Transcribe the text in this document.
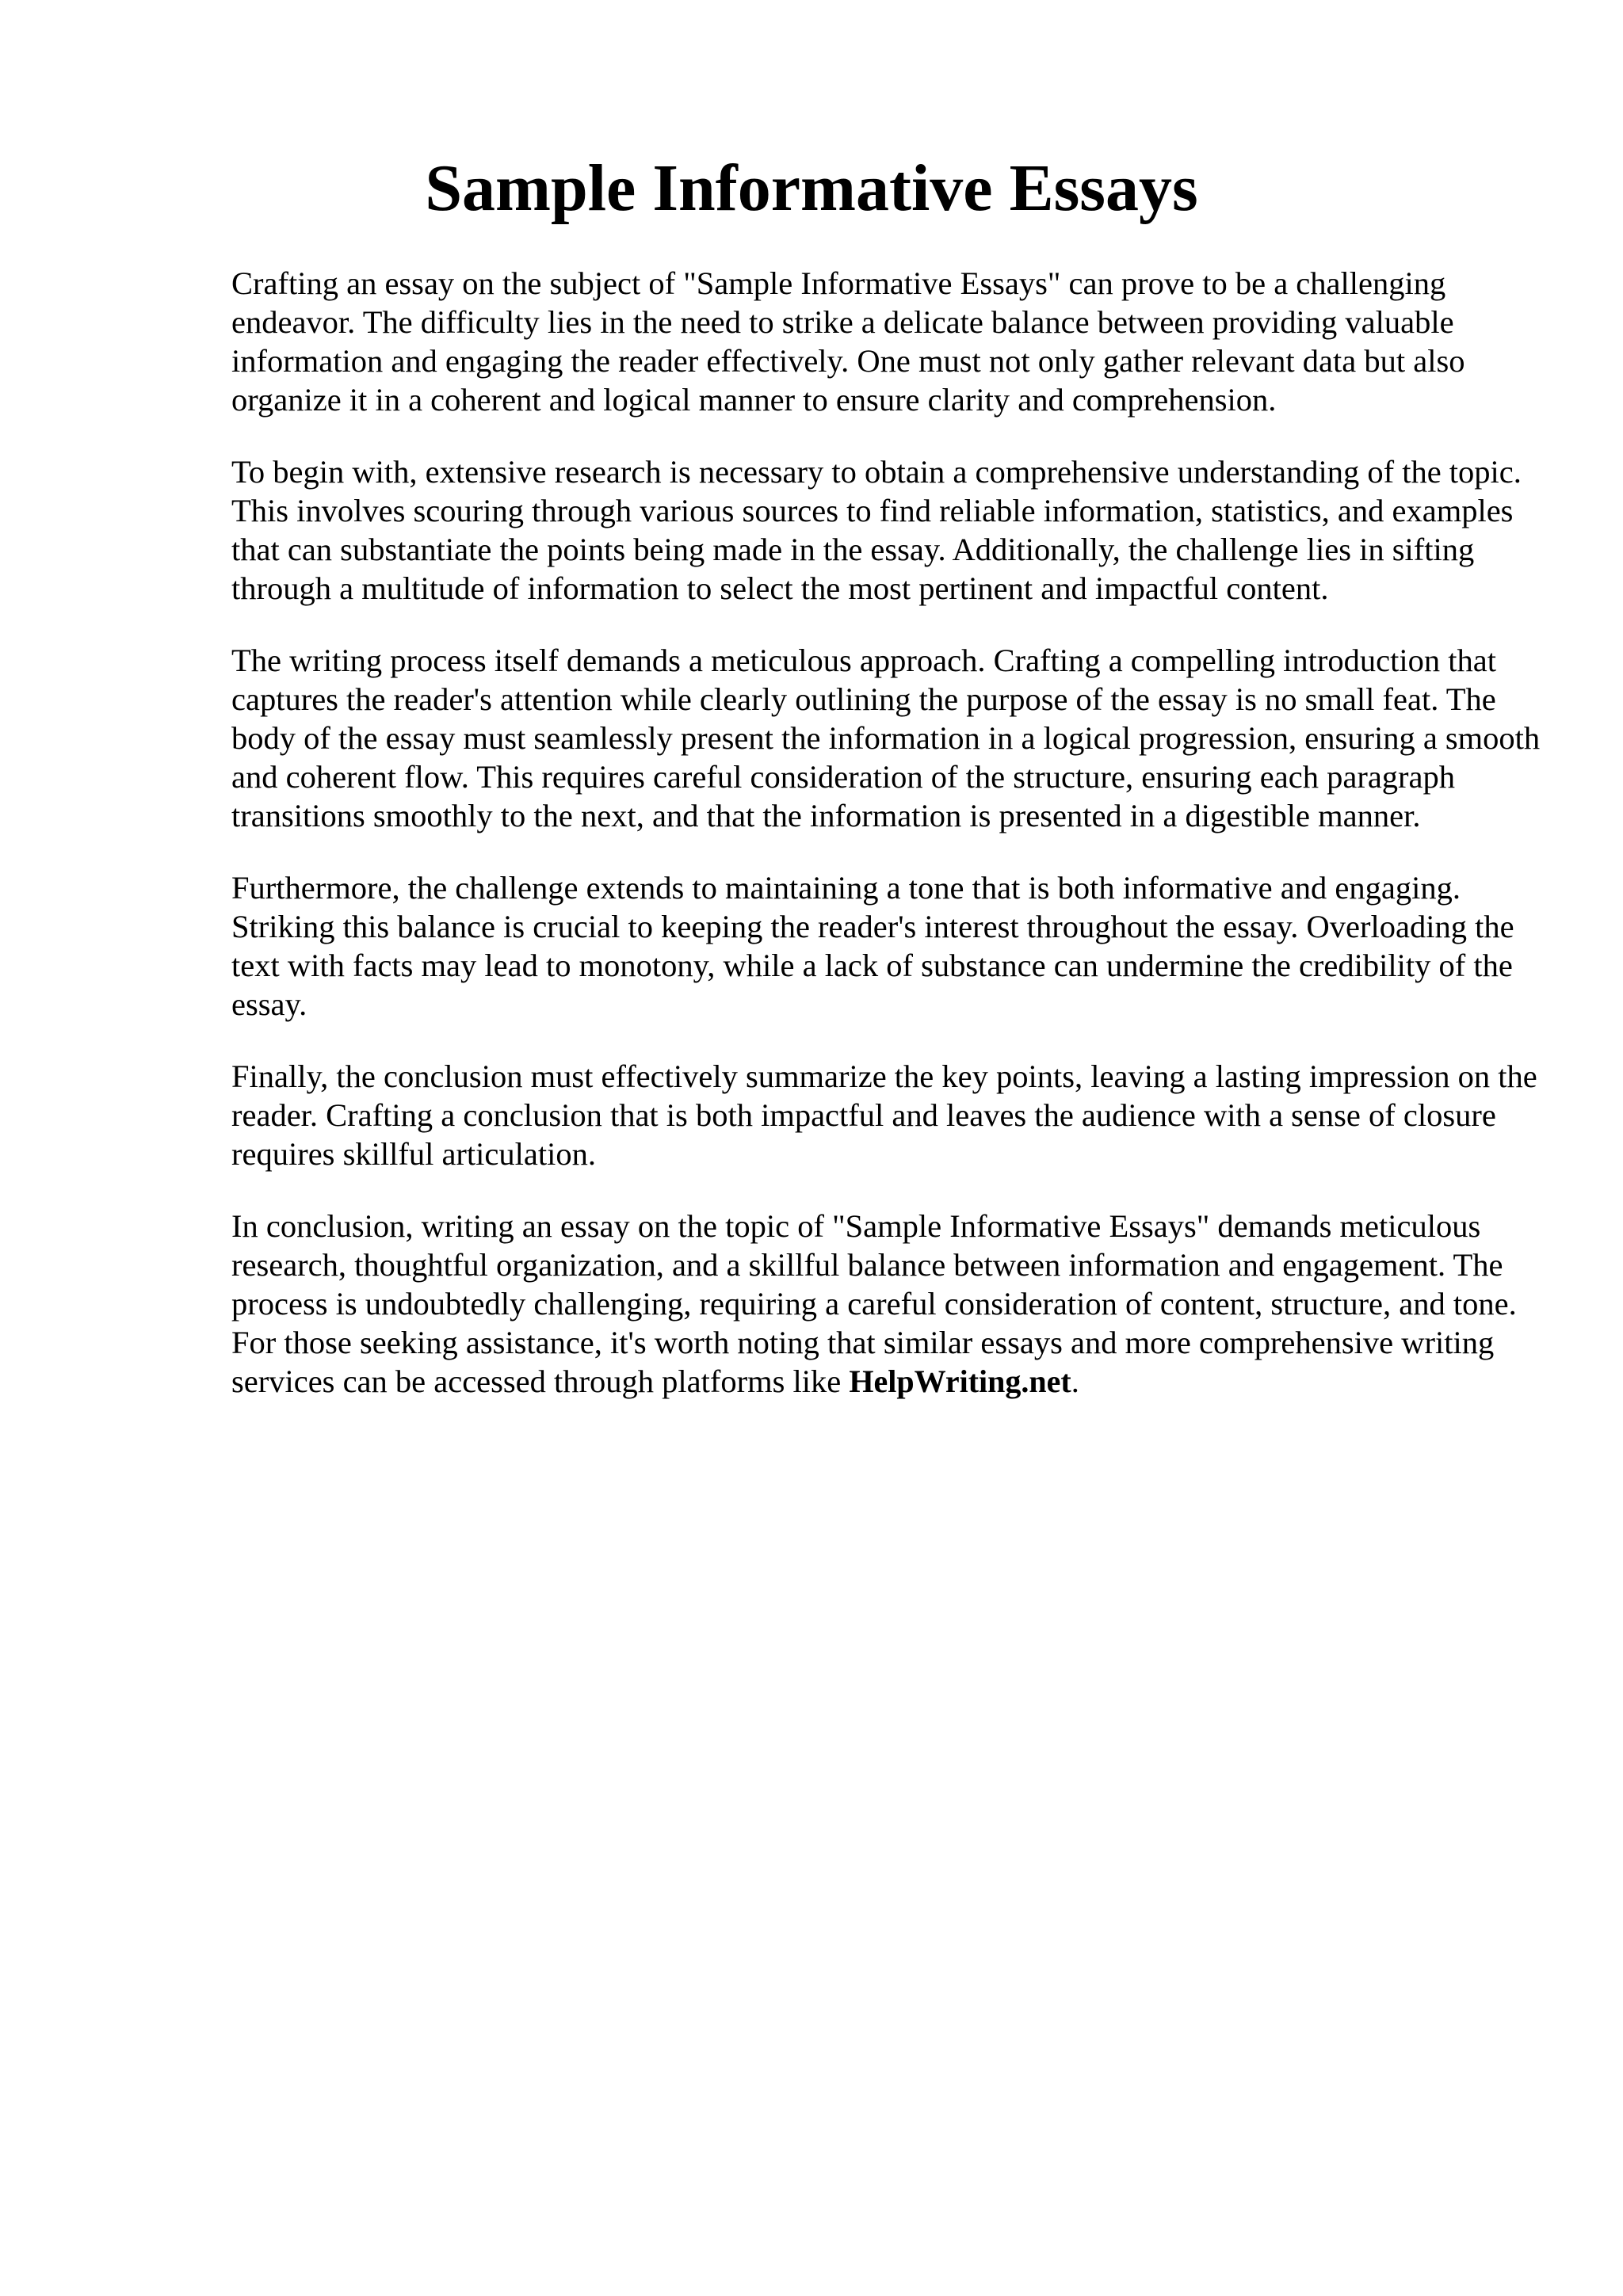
Sample Informative Essays

Crafting an essay on the subject of "Sample Informative Essays" can prove to be a challenging endeavor. The difficulty lies in the need to strike a delicate balance between providing valuable information and engaging the reader effectively. One must not only gather relevant data but also organize it in a coherent and logical manner to ensure clarity and comprehension.

To begin with, extensive research is necessary to obtain a comprehensive understanding of the topic. This involves scouring through various sources to find reliable information, statistics, and examples that can substantiate the points being made in the essay. Additionally, the challenge lies in sifting through a multitude of information to select the most pertinent and impactful content.

The writing process itself demands a meticulous approach. Crafting a compelling introduction that captures the reader's attention while clearly outlining the purpose of the essay is no small feat. The body of the essay must seamlessly present the information in a logical progression, ensuring a smooth and coherent flow. This requires careful consideration of the structure, ensuring each paragraph transitions smoothly to the next, and that the information is presented in a digestible manner.

Furthermore, the challenge extends to maintaining a tone that is both informative and engaging. Striking this balance is crucial to keeping the reader's interest throughout the essay. Overloading the text with facts may lead to monotony, while a lack of substance can undermine the credibility of the essay.

Finally, the conclusion must effectively summarize the key points, leaving a lasting impression on the reader. Crafting a conclusion that is both impactful and leaves the audience with a sense of closure requires skillful articulation.

In conclusion, writing an essay on the topic of "Sample Informative Essays" demands meticulous research, thoughtful organization, and a skillful balance between information and engagement. The process is undoubtedly challenging, requiring a careful consideration of content, structure, and tone. For those seeking assistance, it's worth noting that similar essays and more comprehensive writing services can be accessed through platforms like HelpWriting.net.
